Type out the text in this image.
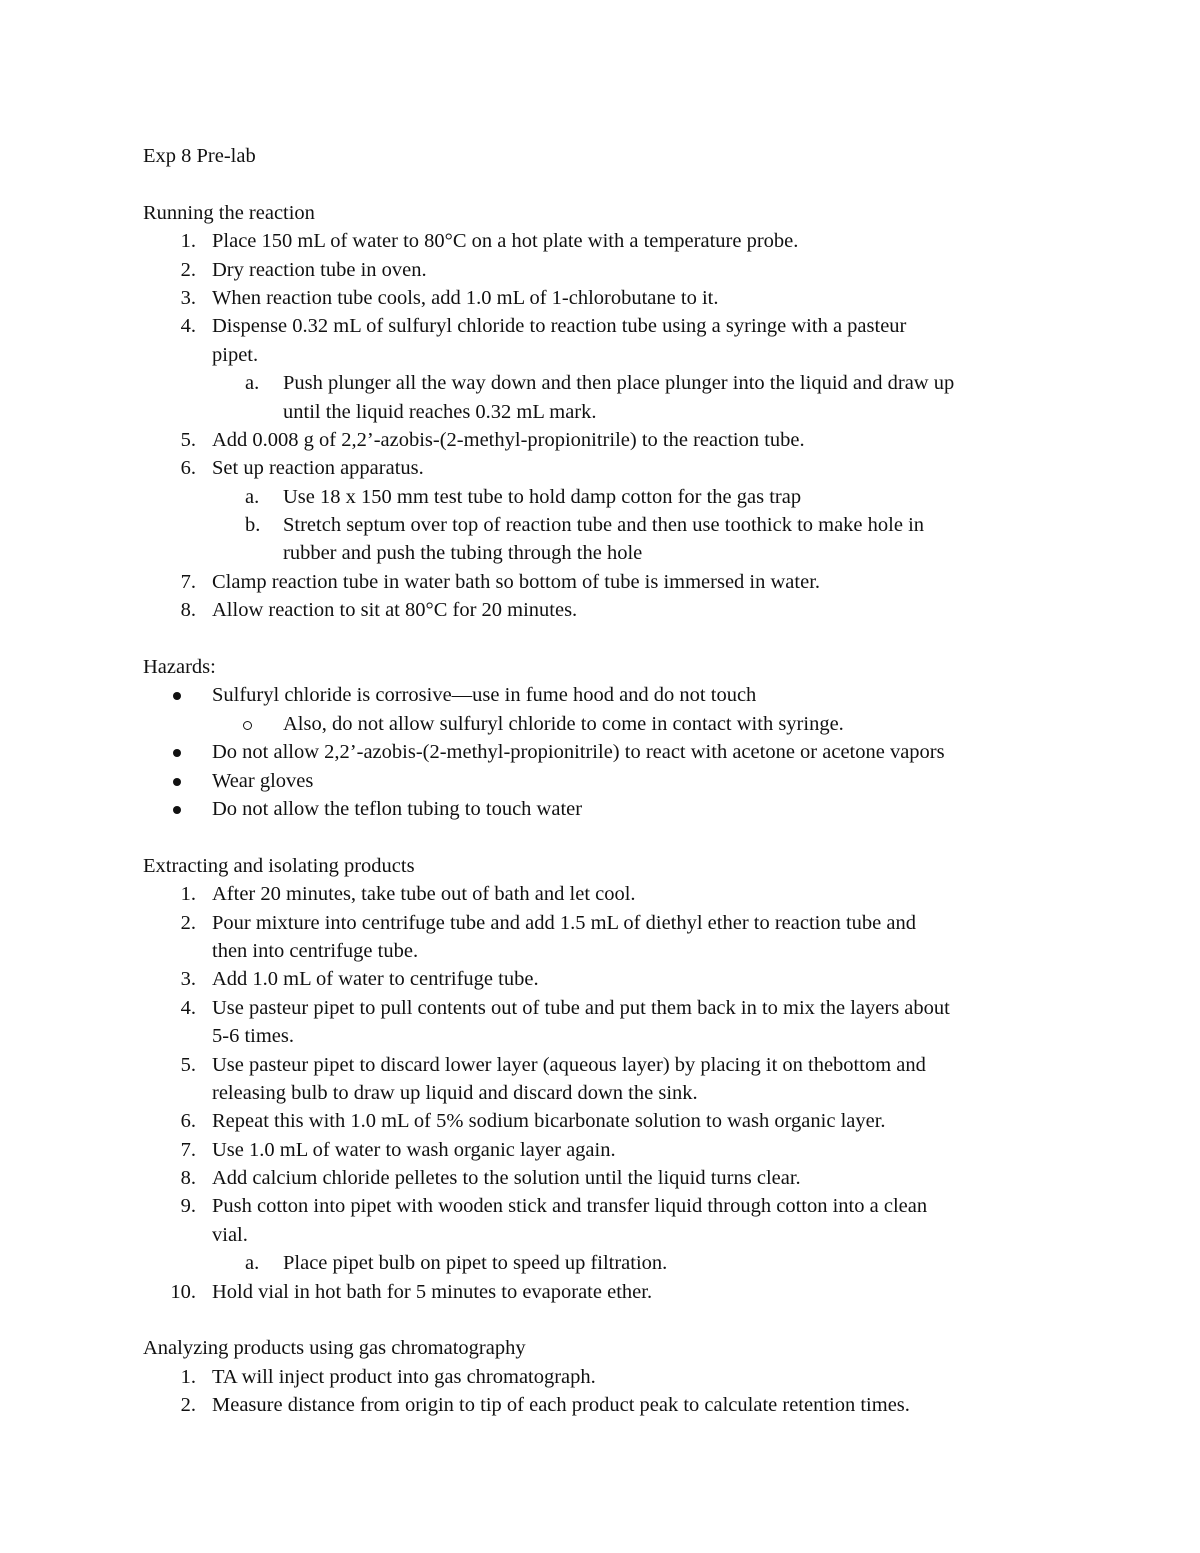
Exp 8 Pre-lab
Running the reaction
1. Place 150 mL of water to 80°C on a hot plate with a temperature probe.
2. Dry reaction tube in oven.
3. When reaction tube cools, add 1.0 mL of 1-chlorobutane to it.
4. Dispense 0.32 mL of sulfuryl chloride to reaction tube using a syringe with a pasteur
pipet.
a.	Push plunger all the way down and then place plunger into the liquid and draw up
until the liquid reaches 0.32 mL mark.
5. Add 0.008 g of 2,2’-azobis-(2-methyl-propionitrile) to the reaction tube.
6. Set up reaction apparatus.
a.	Use 18 x 150 mm test tube to hold damp cotton for the gas trap
b.	Stretch septum over top of reaction tube and then use toothick to make hole in
rubber and push the tubing through the hole
7. Clamp reaction tube in water bath so bottom of tube is immersed in water.
8. Allow reaction to sit at 80°C for 20 minutes.
Hazards:
Sulfuryl chloride is corrosive—use in fume hood and do not touch
Also, do not allow sulfuryl chloride to come in contact with syringe.
Do not allow 2,2’-azobis-(2-methyl-propionitrile) to react with acetone or acetone vapors
Wear gloves
Do not allow the teflon tubing to touch water
Extracting and isolating products
1. After 20 minutes, take tube out of bath and let cool.
2. Pour mixture into centrifuge tube and add 1.5 mL of diethyl ether to reaction tube and
then into centrifuge tube.
3. Add 1.0 mL of water to centrifuge tube.
4. Use pasteur pipet to pull contents out of tube and put them back in to mix the layers about
5-6 times.
5. Use pasteur pipet to discard lower layer (aqueous layer) by placing it on thebottom and
releasing bulb to draw up liquid and discard down the sink.
6. Repeat this with 1.0 mL of 5% sodium bicarbonate solution to wash organic layer.
7. Use 1.0 mL of water to wash organic layer again.
8. Add calcium chloride pelletes to the solution until the liquid turns clear.
9. Push cotton into pipet with wooden stick and transfer liquid through cotton into a clean
vial.
a.	Place pipet bulb on pipet to speed up filtration.
10. Hold vial in hot bath for 5 minutes to evaporate ether.
Analyzing products using gas chromatography
1. TA will inject product into gas chromatograph.
2. Measure distance from origin to tip of each product peak to calculate retention times.
